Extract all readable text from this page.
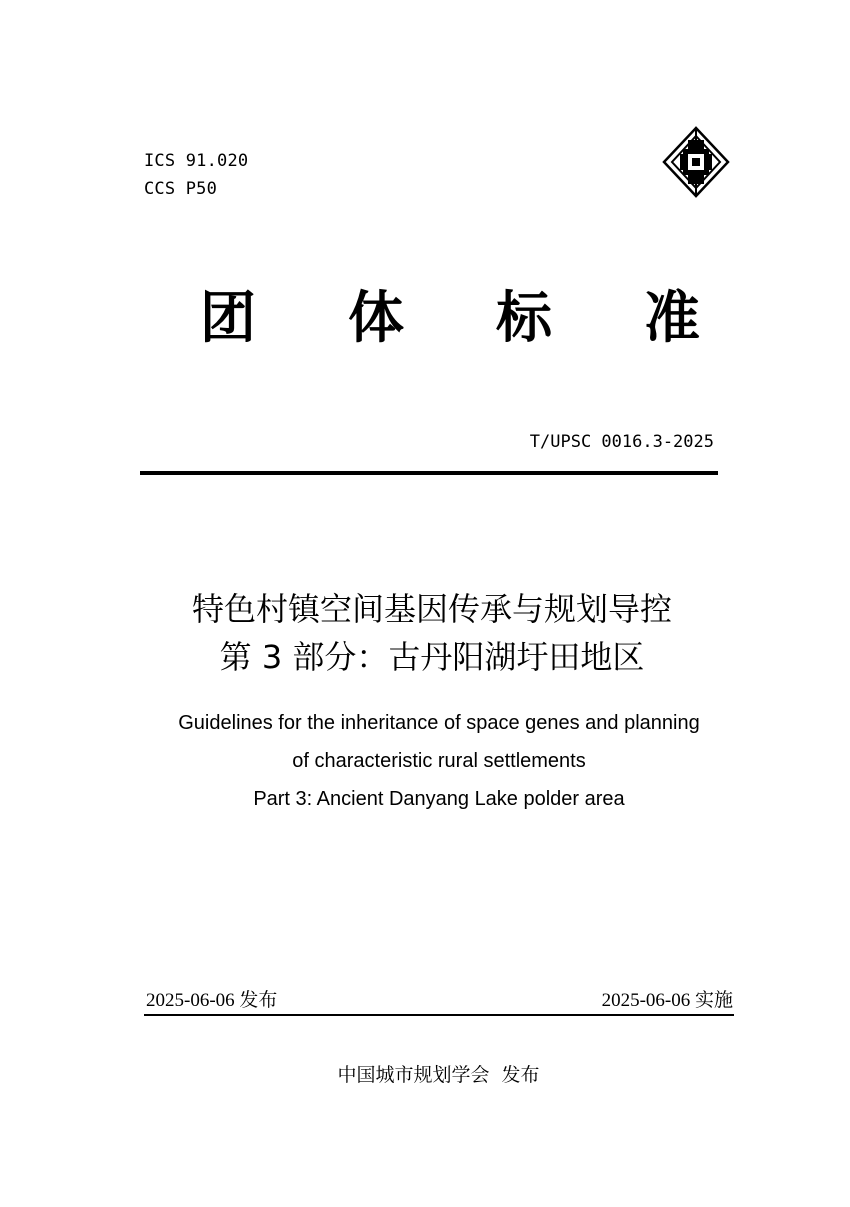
ICS 91.020
CCS P50
团 体 标 准
T/UPSC 0016.3-2025
特色村镇空间基因传承与规划导控
第 3 部分：古丹阳湖圩田地区
Guidelines for the inheritance of space genes and planning
of characteristic rural settlements
Part 3: Ancient Danyang Lake polder area
2025-06-06 发布	2025-06-06 实施
中国城市规划学会  发布
